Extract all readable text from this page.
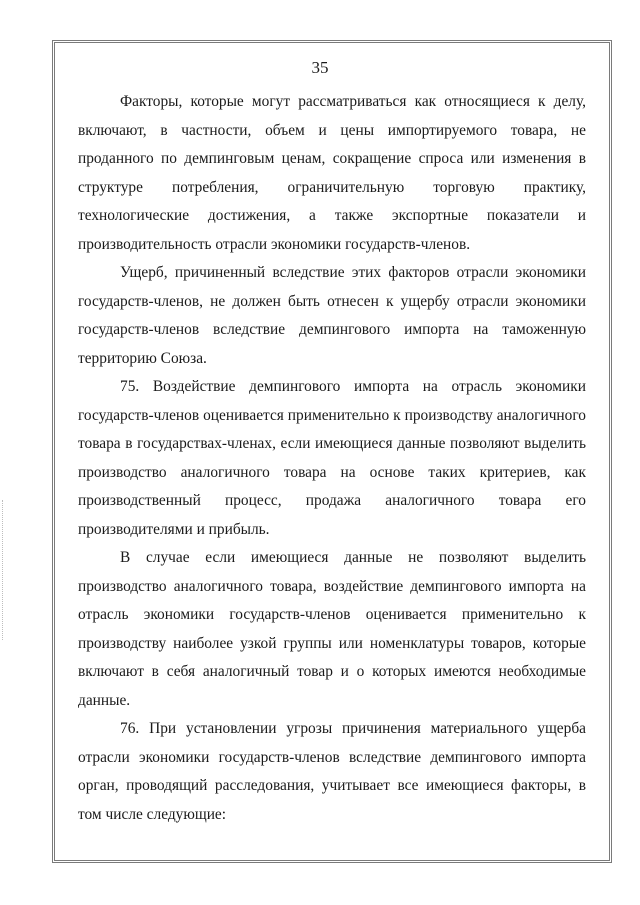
35

Факторы, которые могут рассматриваться как относящиеся к делу, включают, в частности, объем и цены импортируемого товара, не проданного по демпинговым ценам, сокращение спроса или изменения в структуре потребления, ограничительную торговую практику, технологические достижения, а также экспортные показатели и производительность отрасли экономики государств-членов.

Ущерб, причиненный вследствие этих факторов отрасли экономики государств-членов, не должен быть отнесен к ущербу отрасли экономики государств-членов вследствие демпингового импорта на таможенную территорию Союза.

75. Воздействие демпингового импорта на отрасль экономики государств-членов оценивается применительно к производству аналогичного товара в государствах-членах, если имеющиеся данные позволяют выделить производство аналогичного товара на основе таких критериев, как производственный процесс, продажа аналогичного товара его производителями и прибыль.

В случае если имеющиеся данные не позволяют выделить производство аналогичного товара, воздействие демпингового импорта на отрасль экономики государств-членов оценивается применительно к производству наиболее узкой группы или номенклатуры товаров, которые включают в себя аналогичный товар и о которых имеются необходимые данные.

76. При установлении угрозы причинения материального ущерба отрасли экономики государств-членов вследствие демпингового импорта орган, проводящий расследования, учитывает все имеющиеся факторы, в том числе следующие:
